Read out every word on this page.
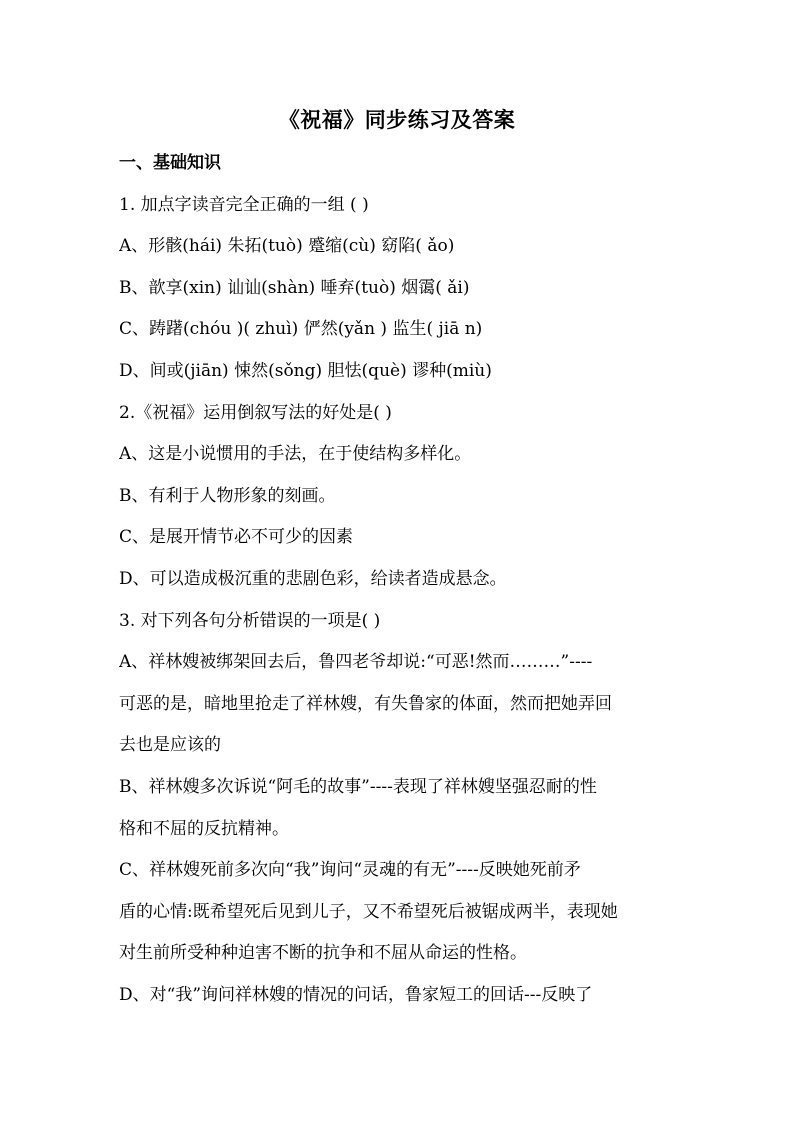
《祝福》同步练习及答案
一、基础知识
1. 加点字读音完全正确的一组 ( )
A、形骸(hái) 朱拓(tuò) 蹙缩(cù) 窈陷( ǎo)
B、歆享(xin) 讪讪(shàn) 唾弃(tuò) 烟霭( ǎi)
C、踌躇(chóu )( zhuì) 俨然(yǎn ) 监生( jiā n)
D、间或(jiān) 悚然(sǒng) 胆怯(què) 谬种(miù)
2.《祝福》运用倒叙写法的好处是( )
A、这是小说惯用的手法，在于使结构多样化。
B、有利于人物形象的刻画。
C、是展开情节必不可少的因素
D、可以造成极沉重的悲剧色彩，给读者造成悬念。
3. 对下列各句分析错误的一项是( )
A、祥林嫂被绑架回去后，鲁四老爷却说:“可恶!然而………”----
可恶的是，暗地里抢走了祥林嫂，有失鲁家的体面，然而把她弄回
去也是应该的
B、祥林嫂多次诉说“阿毛的故事”----表现了祥林嫂坚强忍耐的性
格和不屈的反抗精神。
C、祥林嫂死前多次向“我”询问“灵魂的有无”----反映她死前矛
盾的心情:既希望死后见到儿子，又不希望死后被锯成两半，表现她
对生前所受种种迫害不断的抗争和不屈从命运的性格。
D、对“我”询问祥林嫂的情况的问话，鲁家短工的回话---反映了
